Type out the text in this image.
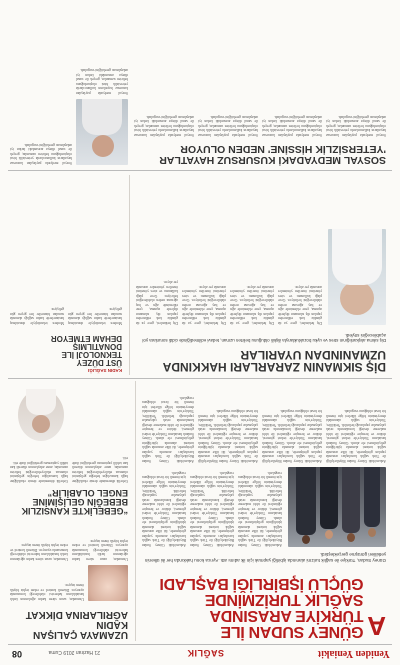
Yeniden Yeniakit
SAĞLIK
21 Haziran 2019 Cuma
08
A
GÜNEY SUDAN İLE
TÜRKİYE ARASINDA
SAĞLIK TURİZMİNDE
GÜÇLÜ İŞBİRLİĞİ BAŞLADI
Güney Sudan, Türkiye ile sağlık turizmi alanında işbirliği yapmak için ilk adımı attı. Ayrıca konu hakkında her iki ülkenin yetkilileri görüşme gerçekleştirdi.
Ankara'daki Güney Sudan Büyükelçiliği ile Türk sağlık kuruluşları arasında yapılan görüşmede, iki ülke arasında sağlık turizmi alanında işbirliğinin geliştirilmesi ele alındı. Güney Sudanlı hastaların Türkiye'de tedavi görmesi, doktor ve hemşire eğitimleri ile tıbbi malzeme desteği konularında ortak çalışmalar yapılacağı belirtildi. Yetkililer, Türkiye'nin sağlık alanındaki deneyiminin bölge ülkeleri için önemli bir fırsat olduğunu vurguladı.
Ankara'daki Güney Sudan Büyükelçiliği ile Türk sağlık kuruluşları arasında yapılan görüşmede, iki ülke arasında sağlık turizmi alanında işbirliğinin geliştirilmesi ele alındı. Güney Sudanlı hastaların Türkiye'de tedavi görmesi, doktor ve hemşire eğitimleri ile tıbbi malzeme desteği konularında ortak çalışmalar yapılacağı belirtildi. Yetkililer, Türkiye'nin sağlık alanındaki deneyiminin bölge ülkeleri için önemli bir fırsat olduğunu vurguladı.
Ankara'daki Güney Sudan Büyükelçiliği ile Türk sağlık kuruluşları arasında yapılan görüşmede, iki ülke arasında sağlık turizmi alanında işbirliğinin geliştirilmesi ele alındı. Güney Sudanlı hastaların Türkiye'de tedavi görmesi, doktor ve hemşire eğitimleri ile tıbbi malzeme desteği konularında ortak çalışmalar yapılacağı belirtildi. Yetkililer, Türkiye'nin sağlık alanındaki deneyiminin bölge ülkeleri için önemli bir fırsat olduğunu vurguladı.
Ankara'daki Güney Sudan Büyükelçiliği ile Türk sağlık kuruluşları arasında yapılan görüşmede, iki ülke arasında sağlık turizmi alanında işbirliğinin geliştirilmesi ele alındı. Güney Sudanlı hastaların Türkiye'de tedavi görmesi, doktor ve hemşire eğitimleri ile tıbbi malzeme desteği konularında ortak çalışmalar yapılacağı belirtildi. Yetkililer, Türkiye'nin sağlık alanındaki deneyiminin bölge ülkeleri için önemli bir fırsat olduğunu vurguladı.
Ankara'daki Güney Sudan Büyükelçiliği ile Türk sağlık kuruluşları arasında yapılan görüşmede, iki ülke arasında sağlık turizmi alanında işbirliğinin geliştirilmesi ele alındı. Güney Sudanlı hastaların Türkiye'de tedavi görmesi, doktor ve hemşire eğitimleri ile tıbbi malzeme desteği konularında ortak çalışmalar yapılacağı belirtildi. Yetkililer, Türkiye'nin sağlık alanındaki deneyiminin bölge ülkeleri için önemli bir fırsat olduğunu vurguladı.
Ankara'daki Güney Sudan Büyükelçiliği ile Türk sağlık kuruluşları arasında yapılan görüşmede, iki ülke arasında sağlık turizmi alanında işbirliğinin geliştirilmesi ele alındı. Güney Sudanlı hastaların Türkiye'de tedavi görmesi, doktor ve hemşire eğitimleri ile tıbbi malzeme desteği konularında ortak çalışmalar yapılacağı belirtildi. Yetkililer, Türkiye'nin sağlık alanındaki deneyiminin bölge ülkeleri için önemli bir fırsat olduğunu vurguladı.
Ankara'daki Güney Sudan Büyükelçiliği ile Türk sağlık kuruluşları arasında yapılan görüşmede, iki ülke arasında sağlık turizmi alanında işbirliğinin geliştirilmesi ele alındı. Güney Sudanlı hastaların Türkiye'de tedavi görmesi, doktor ve hemşire eğitimleri ile tıbbi malzeme desteği konularında ortak çalışmalar yapılacağı belirtildi. Yetkililer, Türkiye'nin sağlık alanındaki deneyiminin bölge ülkeleri için önemli bir fırsat olduğunu vurguladı.
UZAMAYA ÇALIŞAN
KADIN
AĞRILARINA DİKKAT
Uzmanlar, uzun süren kadın ağrılarının farklı hastalıkların habercisi olabileceği konusunda uyarıyor. Düzenli kontrol ve erken teşhis büyük önem taşıyor.
Uzmanlar, uzun süren kadın ağrılarının farklı hastalıkların habercisi olabileceği konusunda uyarıyor. Düzenli kontrol ve erken teşhis büyük önem taşıyor.
Uzmanlar, uzun süren kadın ağrılarının farklı hastalıkların habercisi olabileceği konusunda uyarıyor. Düzenli kontrol ve erken teşhis büyük önem taşıyor.
“GEBELİKTE KANSIZLIK
BEBEĞİN GELİŞİMİNE
ENGEL OLABİLİR”
Gebelik döneminde demir eksikliğine bağlı kansızlığın bebeğin gelişimini olumsuz etkileyebileceğini belirten uzmanlar, anne adaylarının düzenli kan tahlili yaptırması gerektiğini ifade etti.
Gebelik döneminde demir eksikliğine bağlı kansızlığın bebeğin gelişimini olumsuz etkileyebileceğini belirten uzmanlar, anne adaylarının düzenli kan tahlili yaptırması gerektiğini ifade etti.
DİŞ SIKMANIN ZARARLARI HAKKINDA
UZMANINDAN UYARILAR
Diş sıkma alışkanlığının stres ve uyku bozukluklarıyla ilişkili olduğunu belirten uzman, tedavi edilmediğinde ciddi sorunlara yol açabileceğini söyledi.
Diş hekimleri, gece ya da gündüz fark edilmeden yapılan diş sıkmanın dişlerde aşınma, çene ekleminde ağrı ve baş ağrısına neden olabileceğini belirtiyor. Gece plağı kullanımı ve stres yönetimi önerilen yöntemler arasında yer alıyor.
Diş hekimleri, gece ya da gündüz fark edilmeden yapılan diş sıkmanın dişlerde aşınma, çene ekleminde ağrı ve baş ağrısına neden olabileceğini belirtiyor. Gece plağı kullanımı ve stres yönetimi önerilen yöntemler arasında yer alıyor.
Diş hekimleri, gece ya da gündüz fark edilmeden yapılan diş sıkmanın dişlerde aşınma, çene ekleminde ağrı ve baş ağrısına neden olabileceğini belirtiyor. Gece plağı kullanımı ve stres yönetimi önerilen yöntemler arasında yer alıyor.
Diş hekimleri, gece ya da gündüz fark edilmeden yapılan diş sıkmanın dişlerde aşınma, çene ekleminde ağrı ve baş ağrısına neden olabileceğini belirtiyor. Gece plağı kullanımı ve stres yönetimi önerilen yöntemler arasında yer alıyor.
KADIN SAĞLIĞI
ÜST DÜZEY
TEKNOLOJİ İLE
DONATILMIŞ
DEHAM ETMEYOR
Modern teknolojiyle donatılmış hastanelerde kadın sağlığı alanında sunulan hizmetler her geçen gün gelişiyor.
Modern teknolojiyle donatılmış hastanelerde kadın sağlığı alanında sunulan hizmetler her geçen gün gelişiyor.
SOSYAL MEDYADAKİ KUSURSUZ HAYATLAR
'YETERSİZLİK HİSSİNE' NEDEN OLUYOR
Sosyal medyada paylaşılan kusursuz hayatların kullanıcılarda yetersizlik hissi oluşturduğunu belirten uzmanlar, gerçek ile sanal dünya arasındaki farkın iyi anlaşılması gerektiğini vurguladı.
Sosyal medyada paylaşılan kusursuz hayatların kullanıcılarda yetersizlik hissi oluşturduğunu belirten uzmanlar, gerçek ile sanal dünya arasındaki farkın iyi anlaşılması gerektiğini vurguladı.
Sosyal medyada paylaşılan kusursuz hayatların kullanıcılarda yetersizlik hissi oluşturduğunu belirten uzmanlar, gerçek ile sanal dünya arasındaki farkın iyi anlaşılması gerektiğini vurguladı.
Sosyal medyada paylaşılan kusursuz hayatların kullanıcılarda yetersizlik hissi oluşturduğunu belirten uzmanlar, gerçek ile sanal dünya arasındaki farkın iyi anlaşılması gerektiğini vurguladı.
Sosyal medyada paylaşılan kusursuz hayatların kullanıcılarda yetersizlik hissi oluşturduğunu belirten uzmanlar, gerçek ile sanal dünya arasındaki farkın iyi anlaşılması gerektiğini vurguladı.
Sosyal medyada paylaşılan kusursuz hayatların kullanıcılarda yetersizlik hissi oluşturduğunu belirten uzmanlar, gerçek ile sanal dünya arasındaki farkın iyi anlaşılması gerektiğini vurguladı.
